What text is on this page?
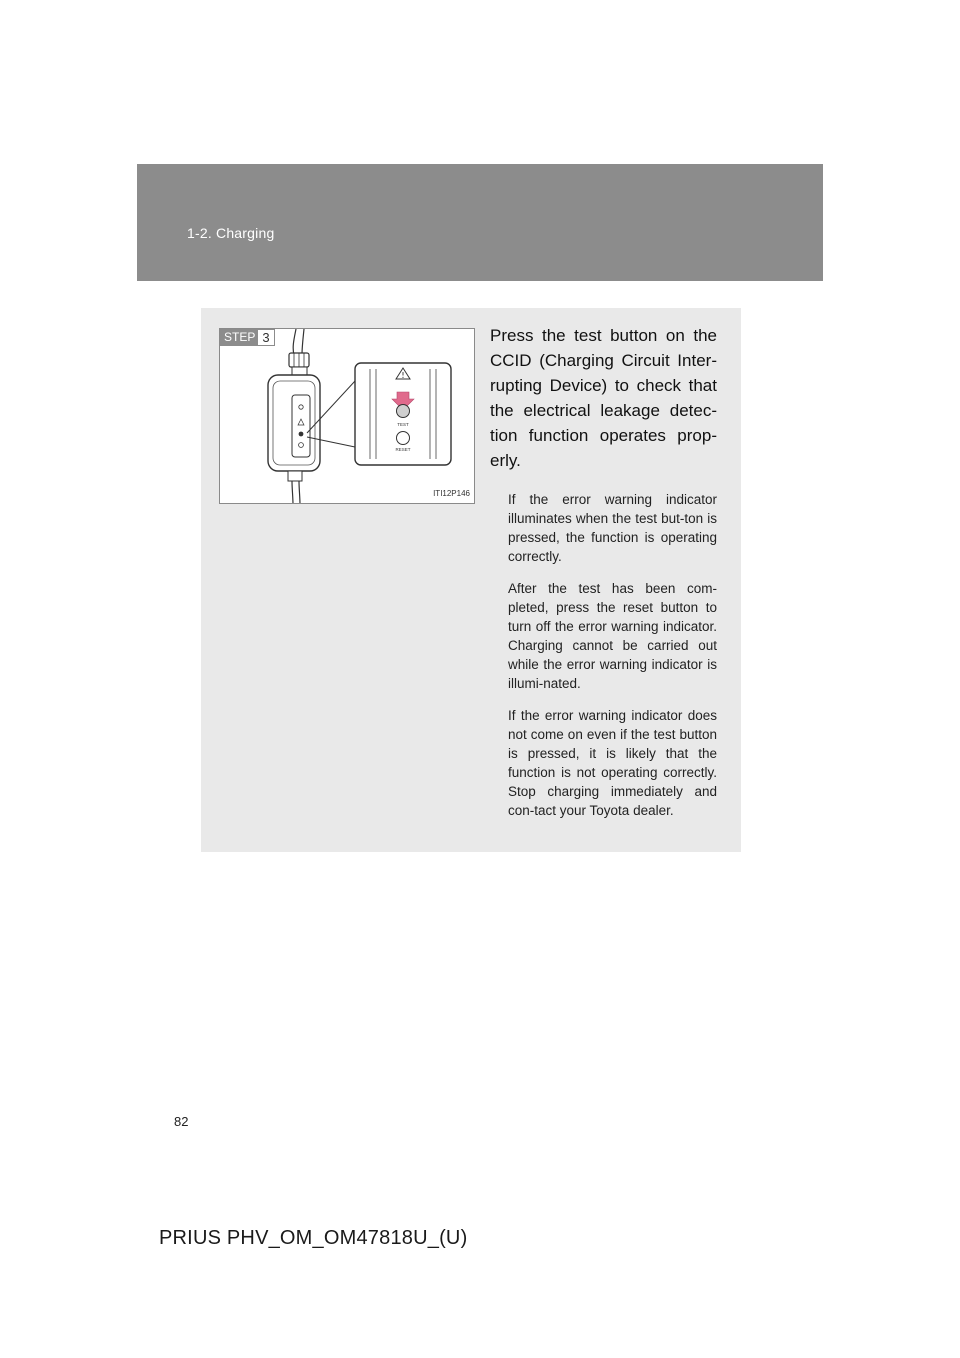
1-2. Charging
TEST
RESET
STEP 3
ITI12P146

Press the test button on the CCID (Charging Circuit Inter-rupting Device) to check that the electrical leakage detec-tion function operates prop-erly.

If the error warning indicator illuminates when the test but-ton is pressed, the function is operating correctly.

After the test has been com-pleted, press the reset button to turn off the error warning indicator. Charging cannot be carried out while the error warning indicator is illumi-nated.

If the error warning indicator does not come on even if the test button is pressed, it is likely that the function is not operating correctly. Stop charging immediately and con-tact your Toyota dealer.

82
PRIUS PHV_OM_OM47818U_(U)
